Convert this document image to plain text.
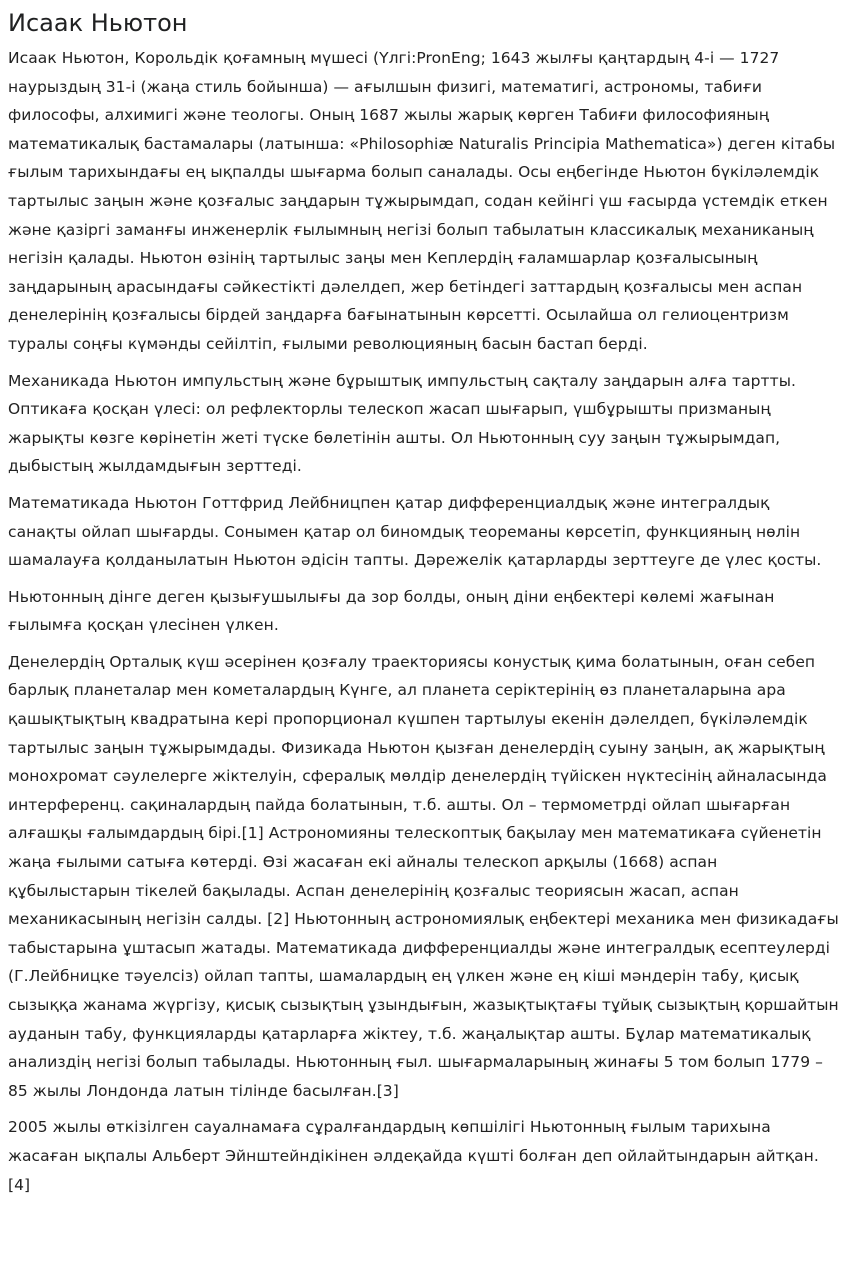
Исаак Ньютон

Исаак Ньютон, Корольдік қоғамның мүшесі (Үлгі:PronEng; 1643 жылғы қаңтардың 4-і — 1727 наурыздың 31-і (жаңа стиль бойынша) — ағылшын физигі, математигі, астрономы, табиғи философы, алхимигі және теологы. Оның 1687 жылы жарық көрген Табиғи философияның математикалық бастамалары (латынша: «Philosophiæ Naturalis Principia Mathematica») деген кітабы ғылым тарихындағы ең ықпалды шығарма болып саналады. Осы еңбегінде Ньютон бүкіләлемдік тартылыс заңын және қозғалыс заңдарын тұжырымдап, содан кейінгі үш ғасырда үстемдік еткен және қазіргі заманғы инженерлік ғылымның негізі болып табылатын классикалық механиканың негізін қалады. Ньютон өзінің тартылыс заңы мен Кеплердің ғаламшарлар қозғалысының заңдарының арасындағы сәйкестікті дәлелдеп, жер бетіндегі заттардың қозғалысы мен аспан денелерінің қозғалысы бірдей заңдарға бағынатынын көрсетті. Осылайша ол гелиоцентризм туралы соңғы күмәнды сейілтіп, ғылыми революцияның басын бастап берді.

Механикада Ньютон импульстың және бұрыштық импульстың сақталу заңдарын алға тартты. Оптикаға қосқан үлесі: ол рефлекторлы телескоп жасап шығарып, үшбұрышты призманың жарықты көзге көрінетін жеті түске бөлетінін ашты. Ол Ньютонның суу заңын тұжырымдап, дыбыстың жылдамдығын зерттеді.

Математикада Ньютон Готтфрид Лейбницпен қатар дифференциалдық және интегралдық санақты ойлап шығарды. Сонымен қатар ол биномдық теореманы көрсетіп, функцияның нөлін шамалауға қолданылатын Ньютон әдісін тапты. Дәрежелік қатарларды зерттеуге де үлес қосты.

Ньютонның дінге деген қызығушылығы да зор болды, оның діни еңбектері көлемі жағынан ғылымға қосқан үлесінен үлкен.

Денелердің Орталық күш әсерінен қозғалу траекториясы конустық қима болатынын, оған себеп барлық планеталар мен кометалардың Күнге, ал планета серіктерінің өз планеталарына ара қашықтықтың квадратына кері пропорционал күшпен тартылуы екенін дәлелдеп, бүкіләлемдік тартылыс заңын тұжырымдады. Физикада Ньютон қызған денелердің суыну заңын, ақ жарықтың монохромат сәулелерге жіктелуін, сфералық мөлдір денелердің түйіскен нүктесінің айналасында интерференц. сақиналардың пайда болатынын, т.б. ашты. Ол – термометрді ойлап шығарған алғашқы ғалымдардың бірі.[1] Астрономияны телескоптық бақылау мен математикаға сүйенетін жаңа ғылыми сатыға көтерді. Өзі жасаған екі айналы телескоп арқылы (1668) аспан құбылыстарын тікелей бақылады. Аспан денелерінің қозғалыс теориясын жасап, аспан механикасының негізін салды. [2] Ньютонның астрономиялық еңбектері механика мен физикадағы табыстарына ұштасып жатады. Математикада дифференциалды және интегралдық есептеулерді (Г.Лейбницке тәуелсіз) ойлап тапты, шамалардың ең үлкен және ең кіші мәндерін табу, қисық сызыққа жанама жүргізу, қисық сызықтың ұзындығын, жазықтықтағы тұйық сызықтың қоршайтын ауданын табу, функцияларды қатарларға жіктеу, т.б. жаңалықтар ашты. Бұлар математикалық анализдің негізі болып табылады. Ньютонның ғыл. шығармаларының жинағы 5 том болып 1779 – 85 жылы Лондонда латын тілінде басылған.[3]

2005 жылы өткізілген сауалнамаға сұралғандардың көпшілігі Ньютонның ғылым тарихына жасаған ықпалы Альберт Эйнштейндікінен әлдеқайда күшті болған деп ойлайтындарын айтқан.[4]
